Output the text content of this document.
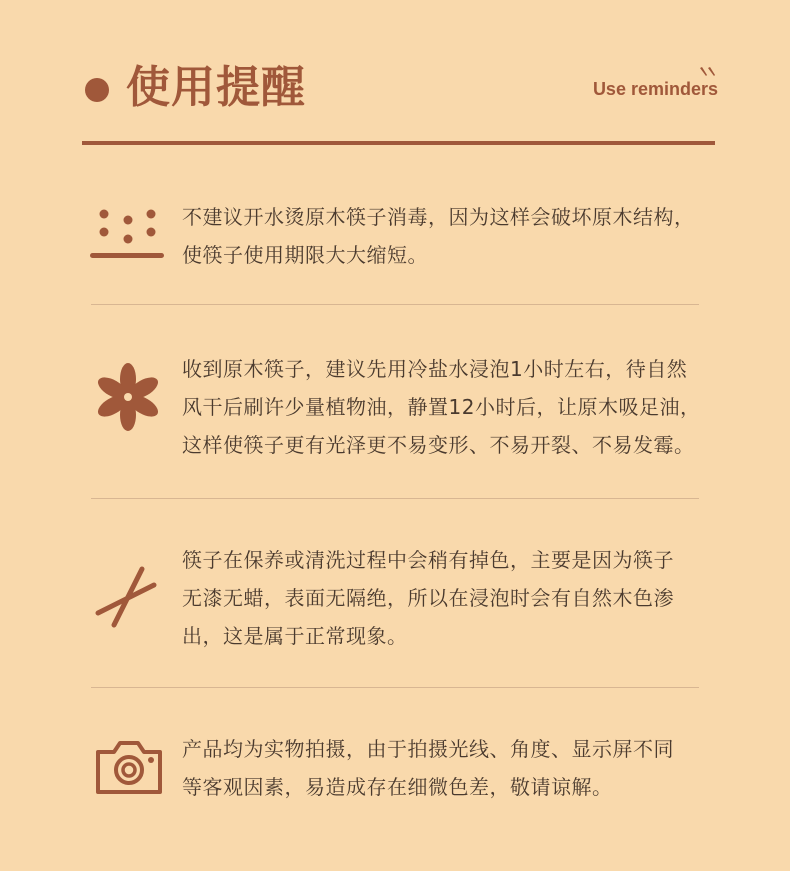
使用提醒	Use reminders
不建议开水烫原木筷子消毒，因为这样会破坏原木结构，
使筷子使用期限大大缩短。
收到原木筷子，建议先用冷盐水浸泡1小时左右，待自然
风干后刷许少量植物油，静置12小时后，让原木吸足油，
这样使筷子更有光泽更不易变形、不易开裂、不易发霉。
筷子在保养或清洗过程中会稍有掉色，主要是因为筷子
无漆无蜡，表面无隔绝，所以在浸泡时会有自然木色渗
出，这是属于正常现象。
产品均为实物拍摄，由于拍摄光线、角度、显示屏不同
等客观因素，易造成存在细微色差，敬请谅解。
